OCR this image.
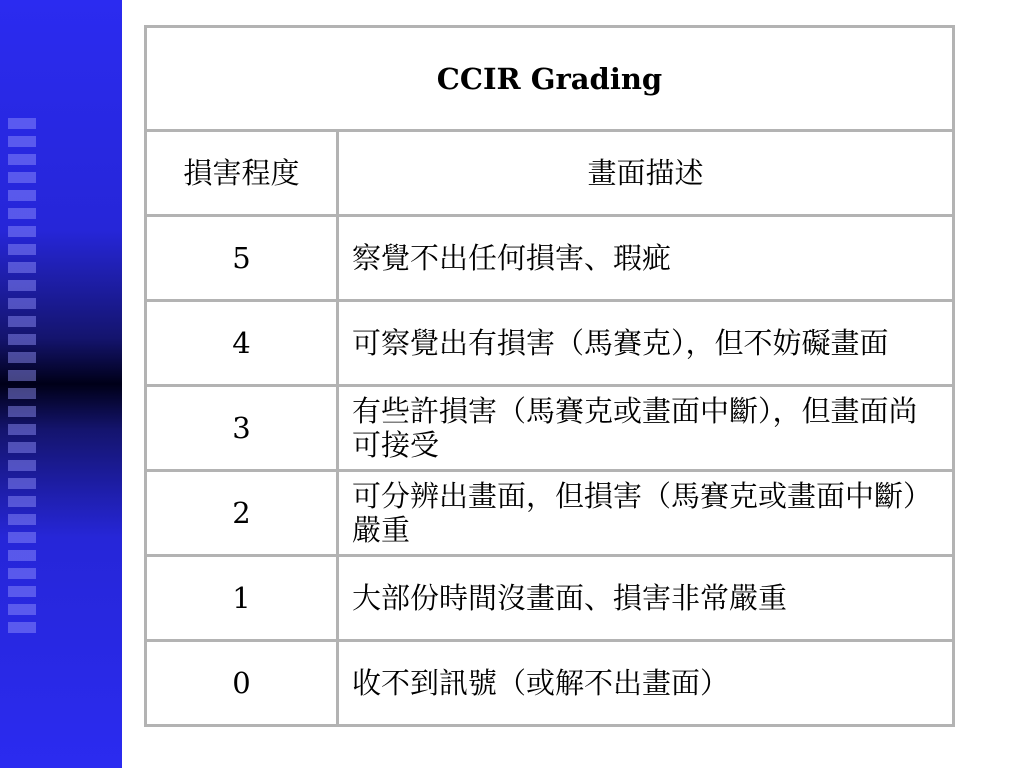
CCIR Grading	
損害程度	畫面描述
5	察覺不出任何損害、瑕疵
4	可察覺出有損害（馬賽克），但不妨礙畫面
3	有些許損害（馬賽克或畫面中斷），但畫面尚可接受
2	可分辨出畫面，但損害（馬賽克或畫面中斷）嚴重
1	大部份時間沒畫面、損害非常嚴重
0	收不到訊號（或解不出畫面）
